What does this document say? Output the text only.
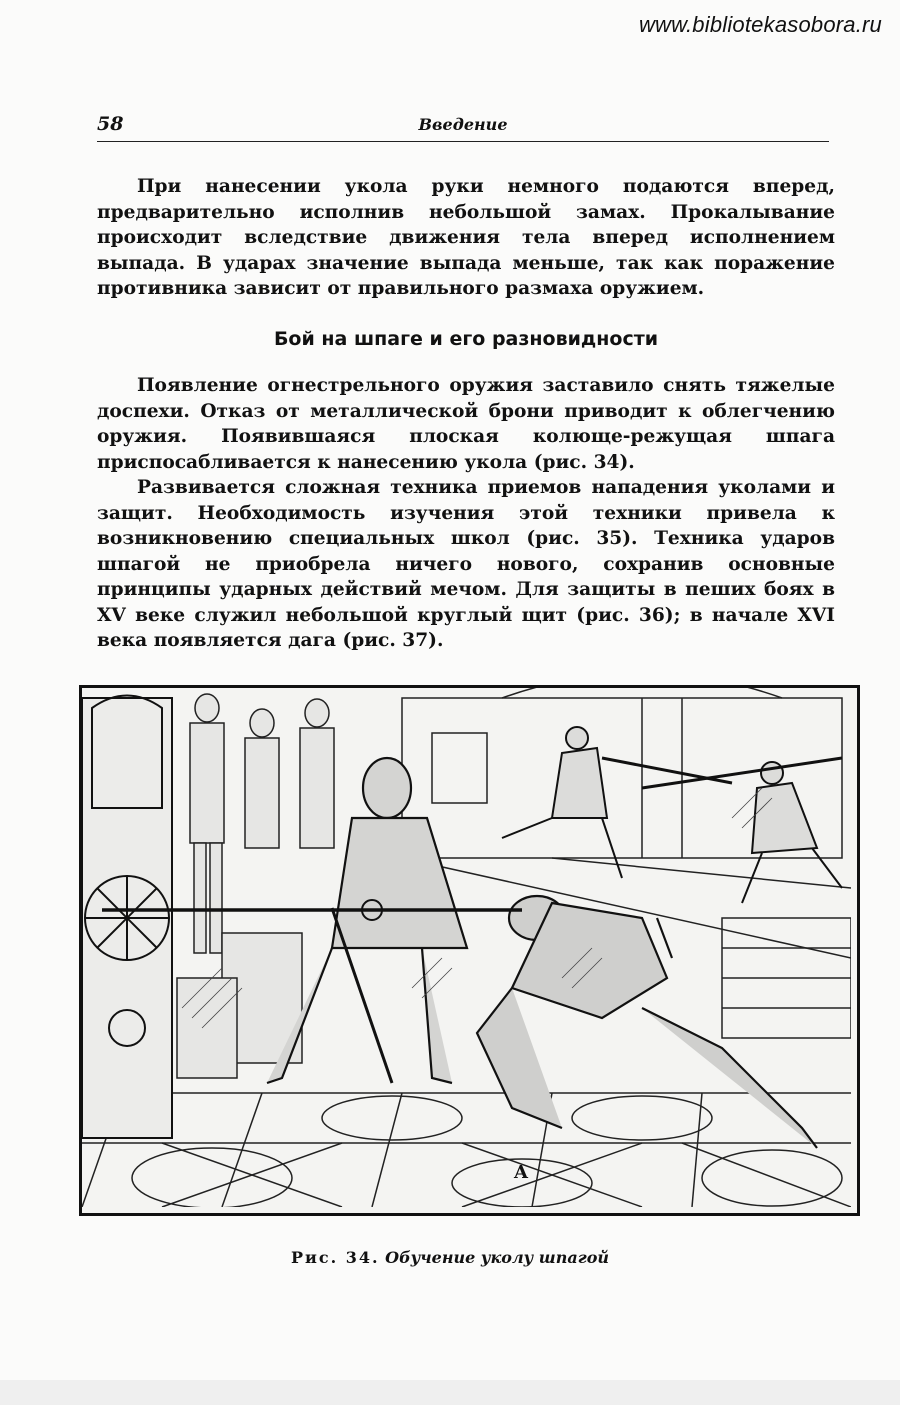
www.bibliotekasobora.ru
58	Введение

При нанесении укола руки немного подаются вперед, предварительно исполнив небольшой замах. Прокалывание происходит вследствие движения тела вперед исполнением выпада. В ударах значение выпада меньше, так как поражение противника зависит от правильного размаха оружием.

Бой на шпаге и его разновидности

Появление огнестрельного оружия заставило снять тяжелые доспехи. Отказ от металлической брони приводит к облегчению оружия. Появившаяся плоская колюще-режущая шпага приспосабливается к нанесению укола (рис. 34).

Развивается сложная техника приемов нападения уколами и защит. Необходимость изучения этой техники привела к возникновению специальных школ (рис. 35). Техника ударов шпагой не приобрела ничего нового, сохранив основные принципы ударных действий мечом. Для защиты в пеших боях в XV веке служил небольшой круглый щит (рис. 36); в начале XVI века появляется дага (рис. 37).

A
Рис. 34. Обучение уколу шпагой
